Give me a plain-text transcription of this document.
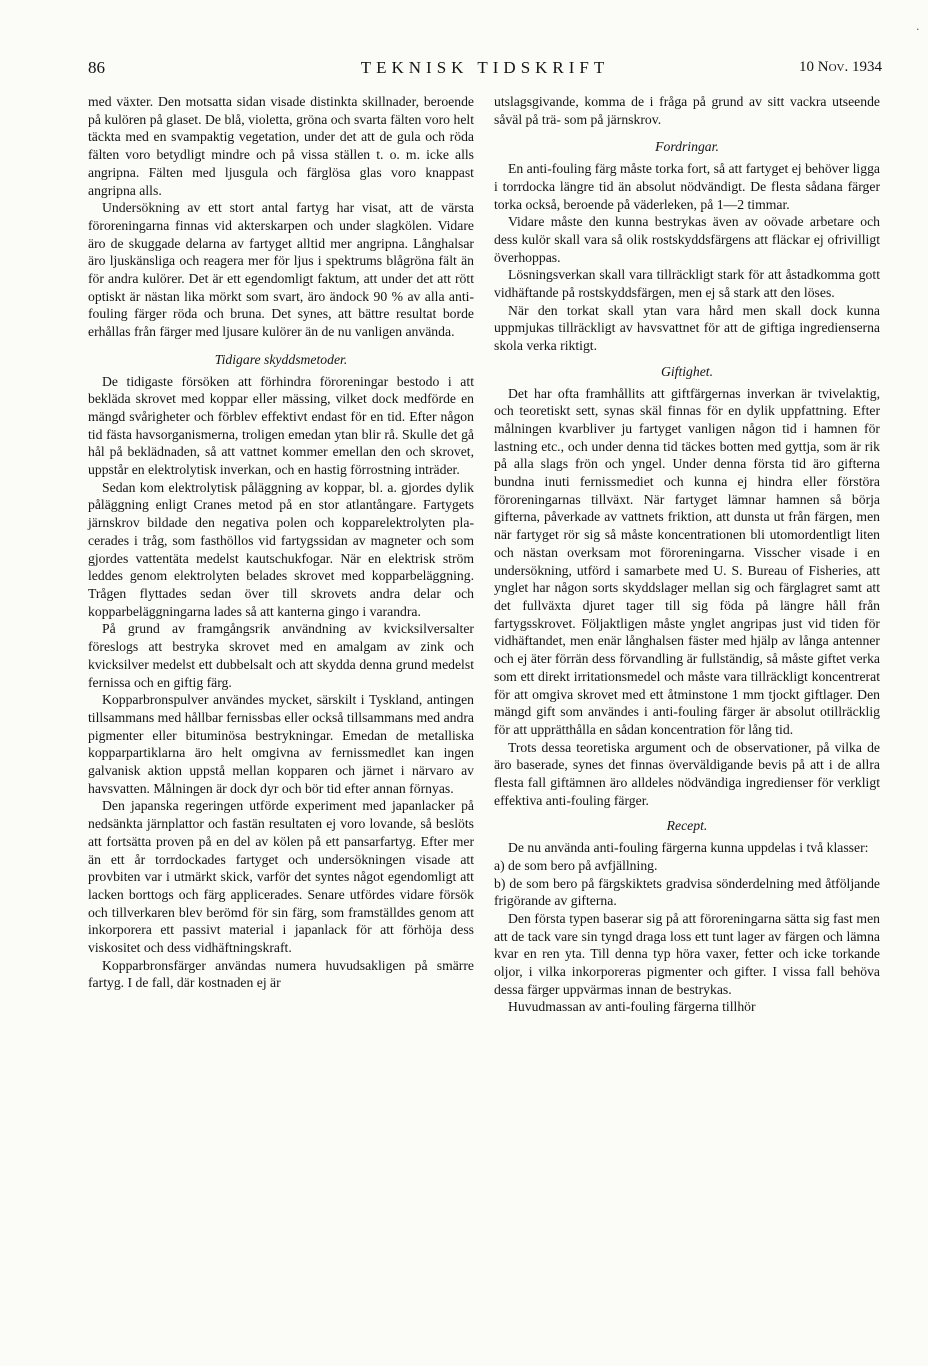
.
86	TEKNISK TIDSKRIFT	10 Nov. 1934

med växter. Den motsatta sidan visade distinkta skillnader, beroende på kulören på glaset. De blå, violetta, gröna och svarta fälten voro helt täckta med en svampaktig vegetation, under det att de gula och röda fälten voro betydligt mindre och på vissa ställen t. o. m. icke alls angripna. Fälten med ljusgula och färglösa glas voro knappast angripna alls.

Undersökning av ett stort antal fartyg har visat, att de värsta föroreningarna finnas vid akterskarpen och under slagkölen. Vidare äro de skuggade delarna av fartyget alltid mer angripna. Långhalsar äro ljuskänsliga och reagera mer för ljus i spektrums blågröna fält än för andra kulörer. Det är ett egendomligt faktum, att under det att rött optiskt är nästan lika mörkt som svart, äro ändock 90 % av alla anti-fouling färger röda och bruna. Det synes, att bättre resultat borde erhållas från färger med ljusare kulörer än de nu vanligen använda.

Tidigare skyddsmetoder.

De tidigaste försöken att förhindra föroreningar bestodo i att bekläda skrovet med koppar eller mässing, vilket dock medförde en mängd svårigheter och förblev effektivt endast för en tid. Efter någon tid fästa havsorganismerna, troligen emedan ytan blir rå. Skulle det gå hål på beklädnaden, så att vattnet kommer emellan den och skrovet, uppstår en elektrolytisk inverkan, och en hastig förrostning inträder.

Sedan kom elektrolytisk påläggning av koppar, bl. a. gjordes dylik påläggning enligt Cranes metod på en stor atlantångare. Fartygets järnskrov bildade den negativa polen och kopparelektrolyten placerades i tråg, som fasthöllos vid fartygssidan av magneter och som gjordes vattentäta medelst kautschukfogar. När en elektrisk ström leddes genom elektrolyten belades skrovet med kopparbeläggning. Trågen flyttades sedan över till skrovets andra delar och kopparbeläggningarna lades så att kanterna gingo i varandra.

På grund av framgångsrik användning av kvicksilversalter föreslogs att bestryka skrovet med en amalgam av zink och kvicksilver medelst ett dubbelsalt och att skydda denna grund medelst fernissa och en giftig färg.

Kopparbronspulver användes mycket, särskilt i Tyskland, antingen tillsammans med hållbar fernissbas eller också tillsammans med andra pigmenter eller bituminösa bestrykningar. Emedan de metalliska kopparpartiklarna äro helt omgivna av fernissmedlet kan ingen galvanisk aktion uppstå mellan kopparen och järnet i närvaro av havsvatten. Målningen är dock dyr och bör tid efter annan förnyas.

Den japanska regeringen utförde experiment med japanlacker på nedsänkta järnplattor och fastän resultaten ej voro lovande, så beslöts att fortsätta proven på en del av kölen på ett pansarfartyg. Efter mer än ett år torrdockades fartyget och undersökningen visade att provbiten var i utmärkt skick, varför det syntes något egendomligt att lacken borttogs och färg applicerades. Senare utfördes vidare försök och tillverkaren blev berömd för sin färg, som framställdes genom att inkorporera ett passivt material i japanlack för att förhöja dess viskositet och dess vidhäftningskraft.

Kopparbronsfärger användas numera huvudsakligen på smärre fartyg. I de fall, där kostnaden ej är

utslagsgivande, komma de i fråga på grund av sitt vackra utseende såväl på trä- som på järnskrov.

Fordringar.

En anti-fouling färg måste torka fort, så att fartyget ej behöver ligga i torrdocka längre tid än absolut nödvändigt. De flesta sådana färger torka också, beroende på väderleken, på 1—2 timmar.

Vidare måste den kunna bestrykas även av oövade arbetare och dess kulör skall vara så olik rostskyddsfärgens att fläckar ej ofrivilligt överhoppas.

Lösningsverkan skall vara tillräckligt stark för att åstadkomma gott vidhäftande på rostskyddsfärgen, men ej så stark att den löses.

När den torkat skall ytan vara hård men skall dock kunna uppmjukas tillräckligt av havsvattnet för att de giftiga ingredienserna skola verka riktigt.

Giftighet.

Det har ofta framhållits att giftfärgernas inverkan är tvivelaktig, och teoretiskt sett, synas skäl finnas för en dylik uppfattning. Efter målningen kvarbliver ju fartyget vanligen någon tid i hamnen för lastning etc., och under denna tid täckes botten med gyttja, som är rik på alla slags frön och yngel. Under denna första tid äro gifterna bundna inuti fernissmediet och kunna ej hindra eller förstöra föroreningarnas tillväxt. När fartyget lämnar hamnen så börja gifterna, påverkade av vattnets friktion, att dunsta ut från färgen, men när fartyget rör sig så måste koncentrationen bli utomordentligt liten och nästan overksam mot föroreningarna. Visscher visade i en undersökning, utförd i samarbete med U. S. Bureau of Fisheries, att ynglet har någon sorts skyddslager mellan sig och färglagret samt att det fullväxta djuret tager till sig föda på längre håll från fartygsskrovet. Följaktligen måste ynglet angripas just vid tiden för vidhäftandet, men enär långhalsen fäster med hjälp av långa antenner och ej äter förrän dess förvandling är fullständig, så måste giftet verka som ett direkt irritationsmedel och måste vara tillräckligt koncentrerat för att omgiva skrovet med ett åtminstone 1 mm tjockt giftlager. Den mängd gift som användes i anti-fouling färger är absolut otillräcklig för att upprätthålla en sådan koncentration för lång tid.

Trots dessa teoretiska argument och de observationer, på vilka de äro baserade, synes det finnas överväldigande bevis på att i de allra flesta fall giftämnen äro alldeles nödvändiga ingredienser för verkligt effektiva anti-fouling färger.

Recept.

De nu använda anti-fouling färgerna kunna uppdelas i två klasser:

a) de som bero på avfjällning.

b) de som bero på färgskiktets gradvisa sönderdelning med åtföljande frigörande av gifterna.

Den första typen baserar sig på att föroreningarna sätta sig fast men att de tack vare sin tyngd draga loss ett tunt lager av färgen och lämna kvar en ren yta. Till denna typ höra vaxer, fetter och icke torkande oljor, i vilka inkorporeras pigmenter och gifter. I vissa fall behöva dessa färger uppvärmas innan de bestrykas.

Huvudmassan av anti-fouling färgerna tillhör
